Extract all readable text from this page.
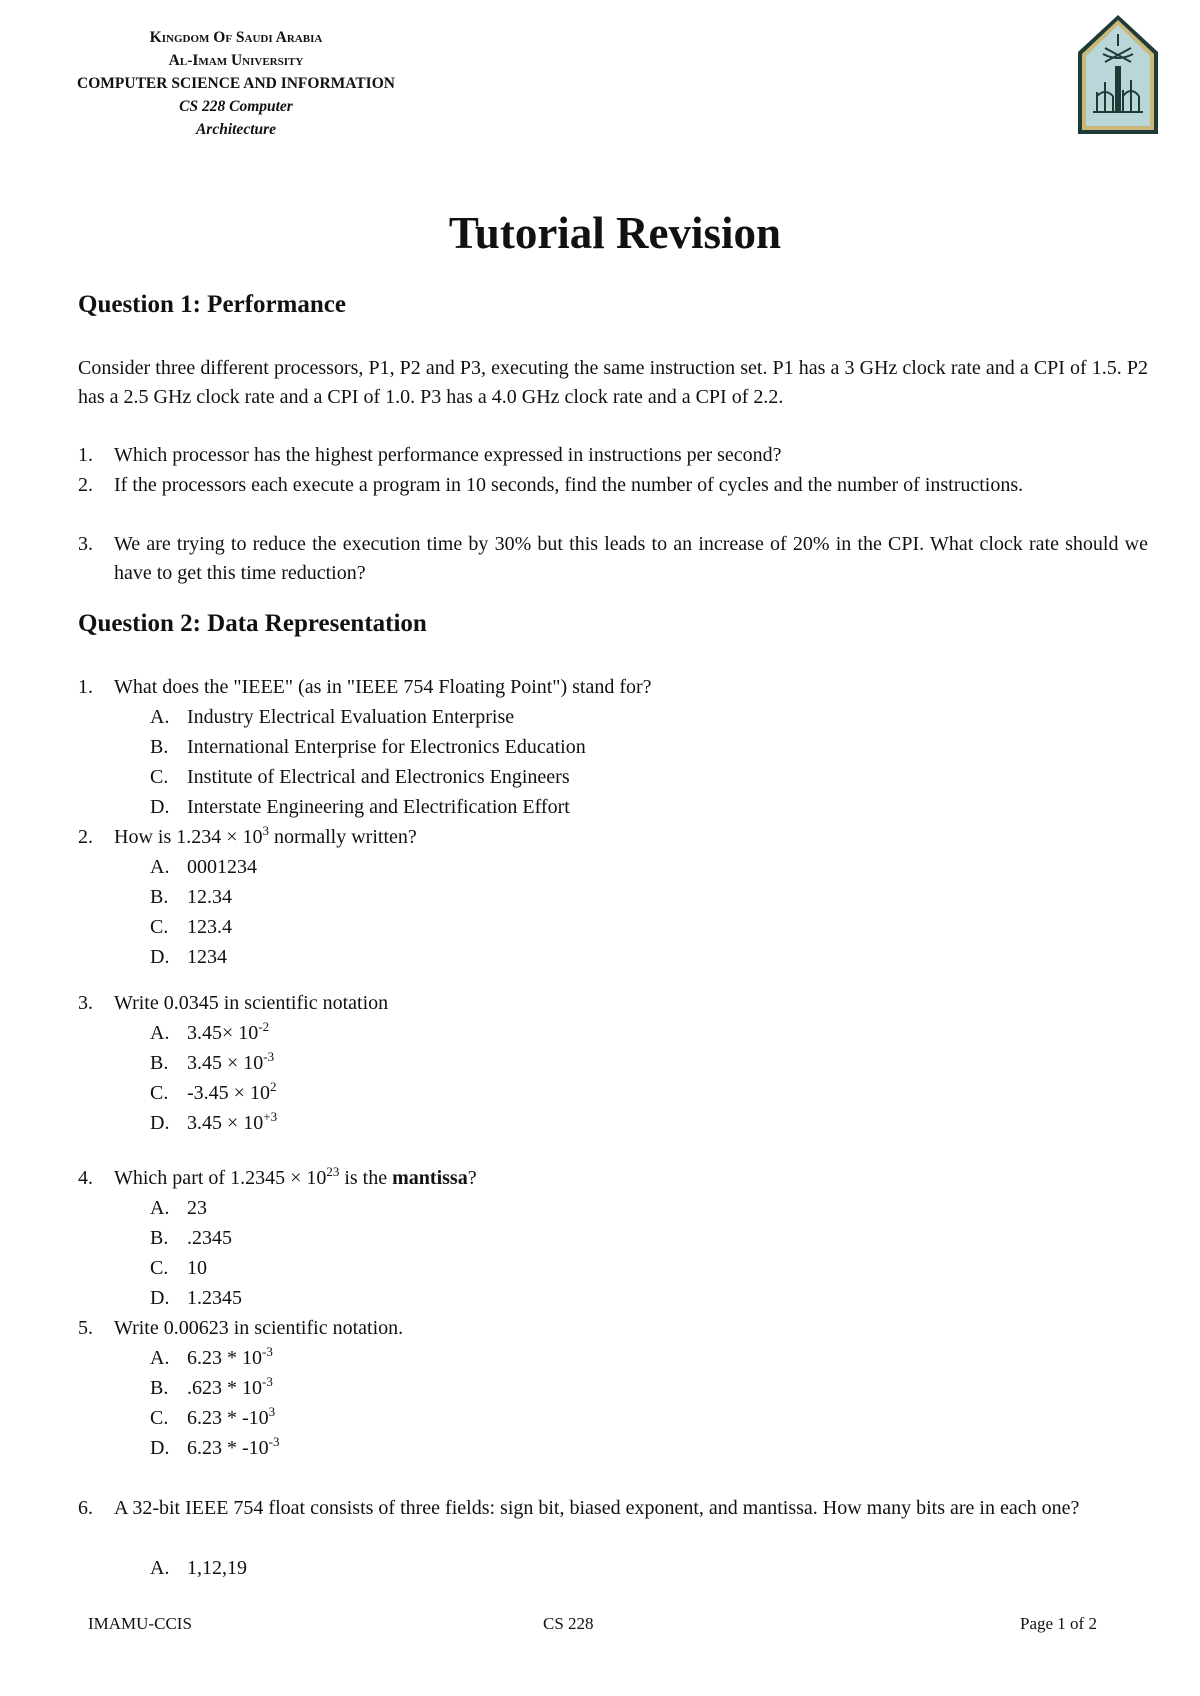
Kingdom Of Saudi Arabia
Al-Imam University
COMPUTER SCIENCE AND INFORMATION
CS 228 Computer
Architecture
Tutorial Revision
Question 1: Performance
Consider three different processors, P1, P2 and P3, executing the same instruction set. P1 has a 3 GHz clock rate and a CPI of 1.5. P2 has a 2.5 GHz clock rate and a CPI of 1.0. P3 has a 4.0 GHz clock rate and a CPI of 2.2.
1. Which processor has the highest performance expressed in instructions per second?
2. If the processors each execute a program in 10 seconds, find the number of cycles and the number of instructions.
3. We are trying to reduce the execution time by 30% but this leads to an increase of 20% in the CPI. What clock rate should we have to get this time reduction?
Question 2: Data Representation
1. What does the "IEEE" (as in "IEEE 754 Floating Point") stand for?
A. Industry Electrical Evaluation Enterprise
B. International Enterprise for Electronics Education
C. Institute of Electrical and Electronics Engineers
D. Interstate Engineering and Electrification Effort
2. How is $1.234 \times 10^3$ normally written?
A. 0001234
B. 12.34
C. 123.4
D. 1234
3. Write 0.0345 in scientific notation
A. $3.45\times 10^{-2}$
B. $3.45 \times 10^{-3}$
C. $-3.45 \times 10^2$
D. $3.45 \times 10^{+3}$
4. Which part of $1.2345 \times 10^{23}$ is the mantissa?
A. 23
B. .2345
C. 10
D. 1.2345
5. Write 0.00623 in scientific notation.
A. $6.23 * 10^{-3}$
B. $.623 * 10^{-3}$
C. $6.23 * -10^3$
D. $6.23 * -10^{-3}$
6. A 32-bit IEEE 754 float consists of three fields: sign bit, biased exponent, and mantissa. How many bits are in each one?
A. 1,12,19
IMAMU-CCIS	CS 228	Page 1 of 2
